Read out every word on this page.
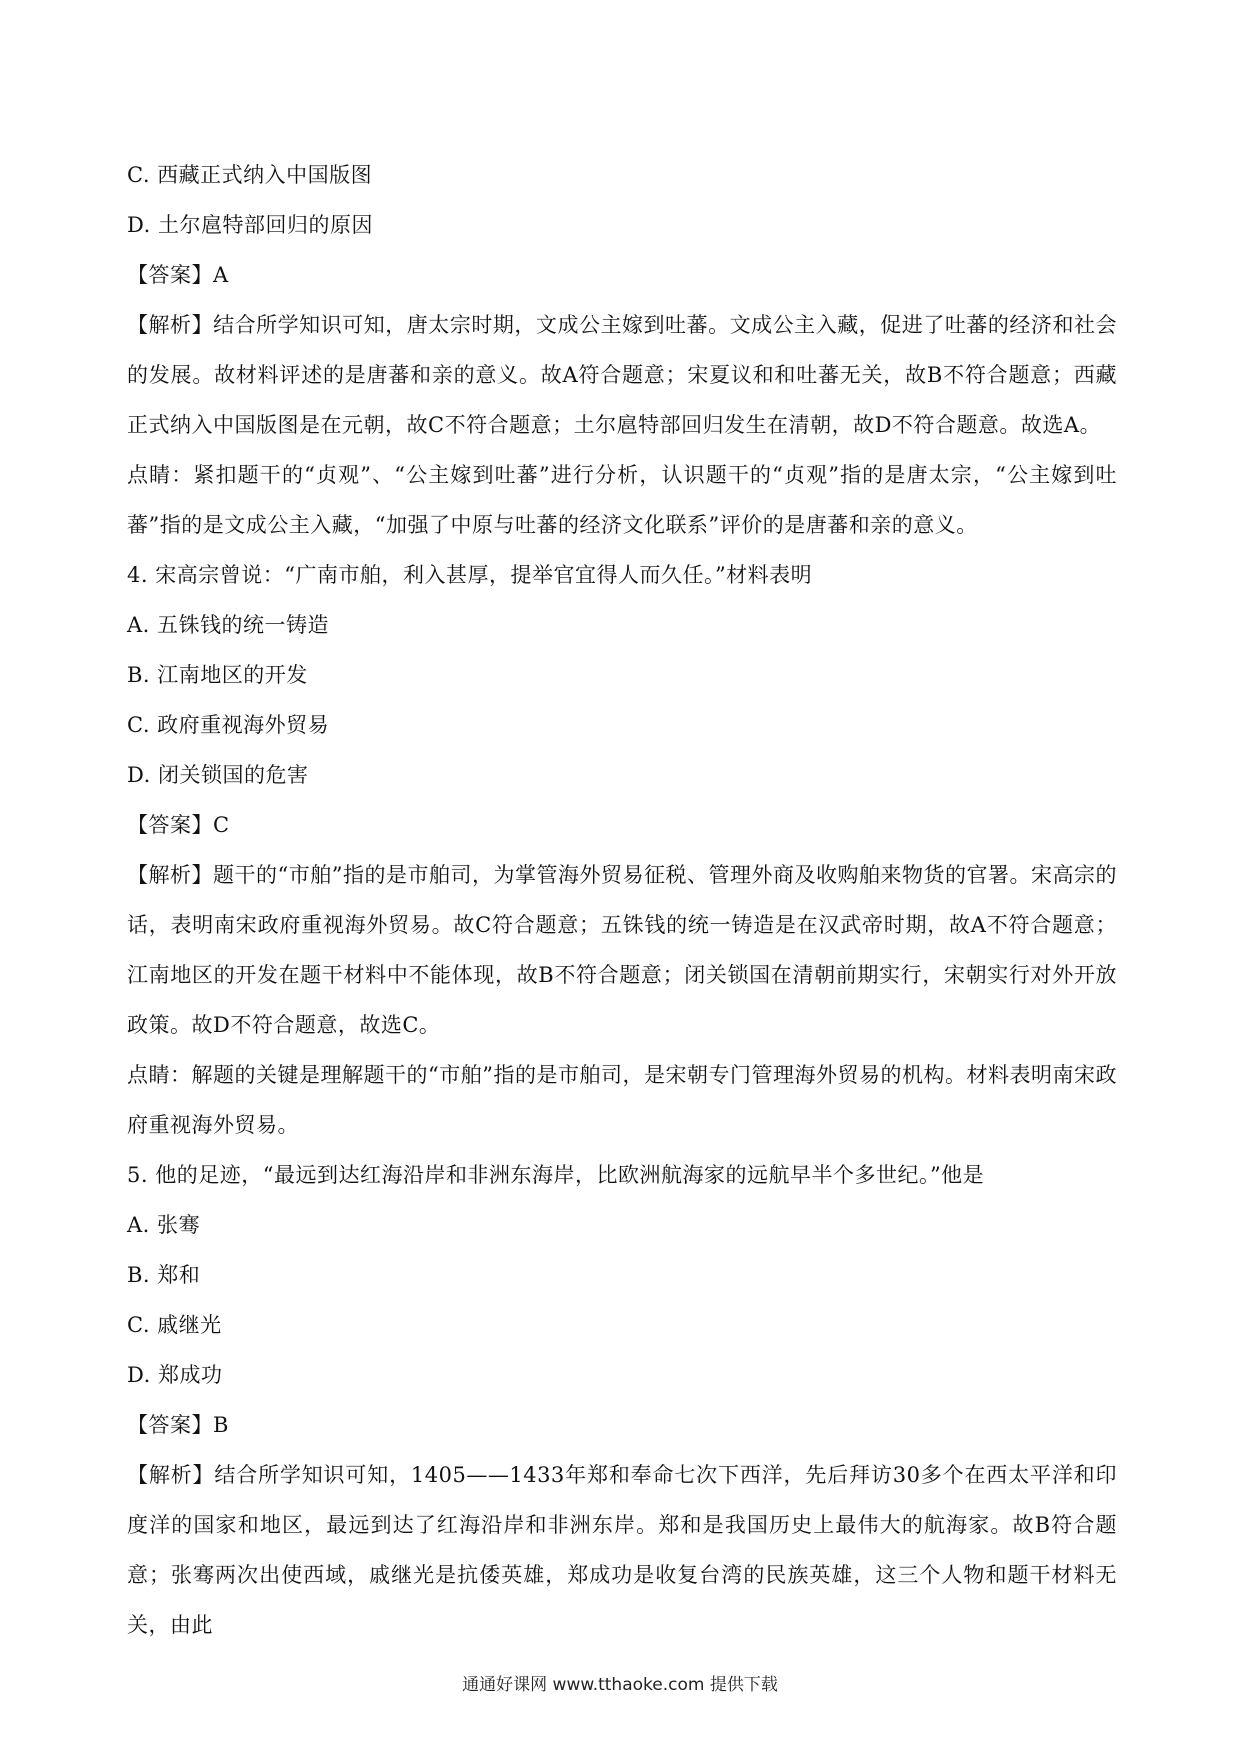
C. 西藏正式纳入中国版图
D. 土尔扈特部回归的原因
【答案】A
【解析】结合所学知识可知，唐太宗时期，文成公主嫁到吐蕃。文成公主入藏，促进了吐蕃的经济和社会的发展。故材料评述的是唐蕃和亲的意义。故A符合题意；宋夏议和和吐蕃无关，故B不符合题意；西藏正式纳入中国版图是在元朝，故C不符合题意；土尔扈特部回归发生在清朝，故D不符合题意。故选A。
点睛：紧扣题干的“贞观”、“公主嫁到吐蕃”进行分析，认识题干的“贞观”指的是唐太宗，“公主嫁到吐蕃”指的是文成公主入藏，“加强了中原与吐蕃的经济文化联系”评价的是唐蕃和亲的意义。
4. 宋高宗曾说：“广南市舶，利入甚厚，提举官宜得人而久任。”材料表明
A. 五铢钱的统一铸造
B. 江南地区的开发
C. 政府重视海外贸易
D. 闭关锁国的危害
【答案】C
【解析】题干的“市舶”指的是市舶司，为掌管海外贸易征税、管理外商及收购舶来物货的官署。宋高宗的话，表明南宋政府重视海外贸易。故C符合题意；五铢钱的统一铸造是在汉武帝时期，故A不符合题意；江南地区的开发在题干材料中不能体现，故B不符合题意；闭关锁国在清朝前期实行，宋朝实行对外开放政策。故D不符合题意，故选C。
点睛：解题的关键是理解题干的“市舶”指的是市舶司，是宋朝专门管理海外贸易的机构。材料表明南宋政府重视海外贸易。
5. 他的足迹，“最远到达红海沿岸和非洲东海岸，比欧洲航海家的远航早半个多世纪。”他是
A. 张骞
B. 郑和
C. 戚继光
D. 郑成功
【答案】B
【解析】结合所学知识可知，1405——1433年郑和奉命七次下西洋，先后拜访30多个在西太平洋和印度洋的国家和地区，最远到达了红海沿岸和非洲东岸。郑和是我国历史上最伟大的航海家。故B符合题意；张骞两次出使西域，戚继光是抗倭英雄，郑成功是收复台湾的民族英雄，这三个人物和题干材料无关，由此
通通好课网 www.tthaoke.com 提供下载
